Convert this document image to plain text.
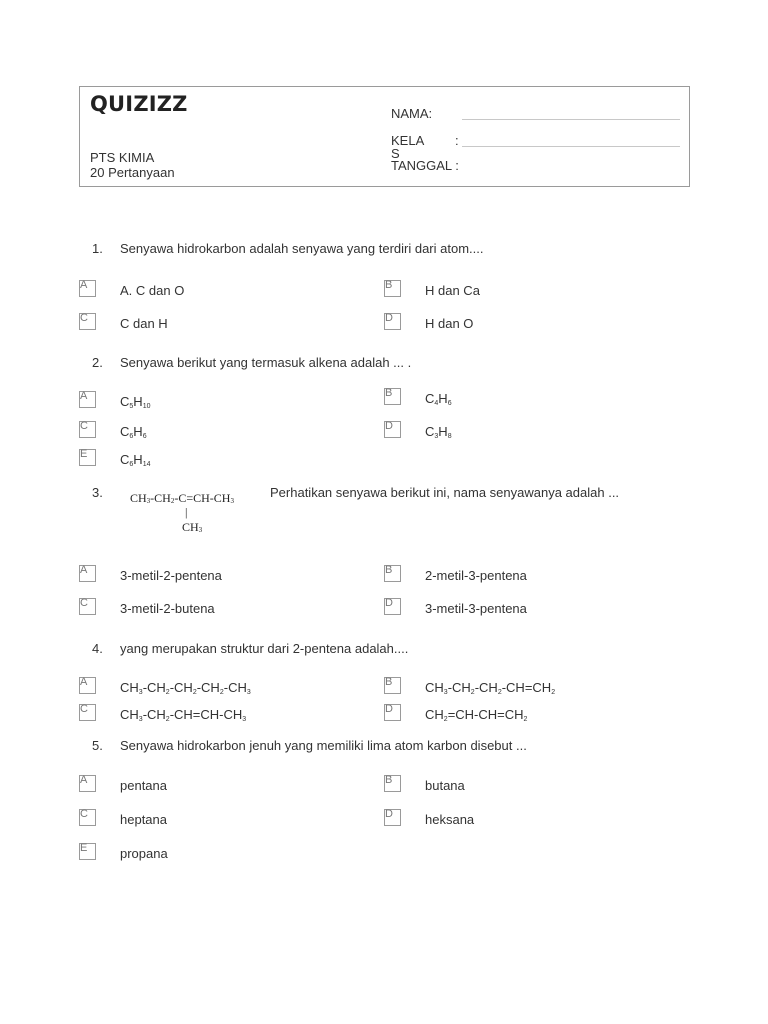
QUIZIZZ
PTS KIMIA
20 Pertanyaan
NAMA:
KELA :
S
TANGGAL :
1. Senyawa hidrokarbon adalah senyawa yang terdiri dari atom....
A	A. C dan O	B	H dan Ca
C C dan H	D H dan O
2. Senyawa berikut yang termasuk alkena adalah ... .
A	$C_5H_{10}$
B	$C_4H_6$
C $C_6H_6$
D $C_3H_8$
E	$C_6H_{14}$
3.	Perhatikan senyawa berikut ini, nama senyawanya adalah ...
$CH_3-CH_2-C=CH-CH_3$
|
$CH_3$
A	3-metil-2-pentena	B	2-metil-3-pentena
C 3-metil-2-butena	D 3-metil-3-pentena
4. yang merupakan struktur dari 2-pentena adalah....
A	$CH_3-CH_2-CH_2-CH_2-CH_3$
B	$CH_3-CH_2-CH_2-CH=CH_2$
C $CH_3-CH_2-CH=CH-CH_3$
D $CH_2=CH-CH=CH_2$
5. Senyawa hidrokarbon jenuh yang memiliki lima atom karbon disebut ...
A	pentana	B	butana
C heptana	D heksana
E	propana
